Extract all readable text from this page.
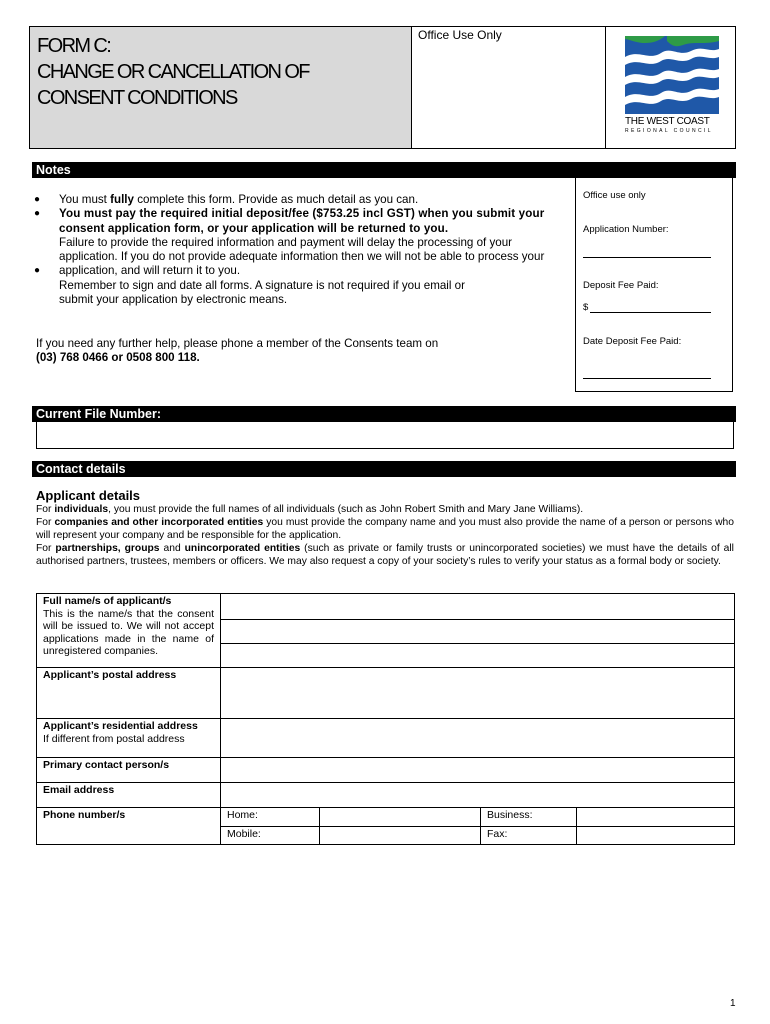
FORM C:
CHANGE OR CANCELLATION OF
CONSENT CONDITIONS
Office Use Only
THE WEST COAST
REGIONAL COUNCIL
Notes
● You must fully complete this form. Provide as much detail as you can.
● You must pay the required initial deposit/fee ($753.25 incl GST) when you submit your consent application form, or your application will be returned to you.
●
Failure to provide the required information and payment will delay the processing of your application. If you do not provide adequate information then we will not be able to process your application, and will return it to you.
Remember to sign and date all forms. A signature is not required if you email or submit your application by electronic means.
If you need any further help, please phone a member of the Consents team on
(03) 768 0466 or 0508 800 118.
Office use only
Application Number:
Deposit Fee Paid:
$
Date Deposit Fee Paid:
Current File Number:
Contact details
Applicant details
For individuals, you must provide the full names of all individuals (such as John Robert Smith and Mary Jane Williams).
For companies and other incorporated entities you must provide the company name and you must also provide the name of a person or persons who will represent your company and be responsible for the application.
For partnerships, groups and unincorporated entities (such as private or family trusts or unincorporated societies) we must have the details of all authorised partners, trustees, members or officers. We may also request a copy of your society’s rules to verify your status as a formal body or society.
Full name/s of applicant/s
This is the name/s that the consent will be issued to. We will not accept applications made in the name of unregistered companies.				

Applicant’s postal address				
Applicant’s residential address
If different from postal address				
Primary contact person/s				
Email address				
Phone number/s	Home:		Business:	
	Mobile:		Fax:	
1
